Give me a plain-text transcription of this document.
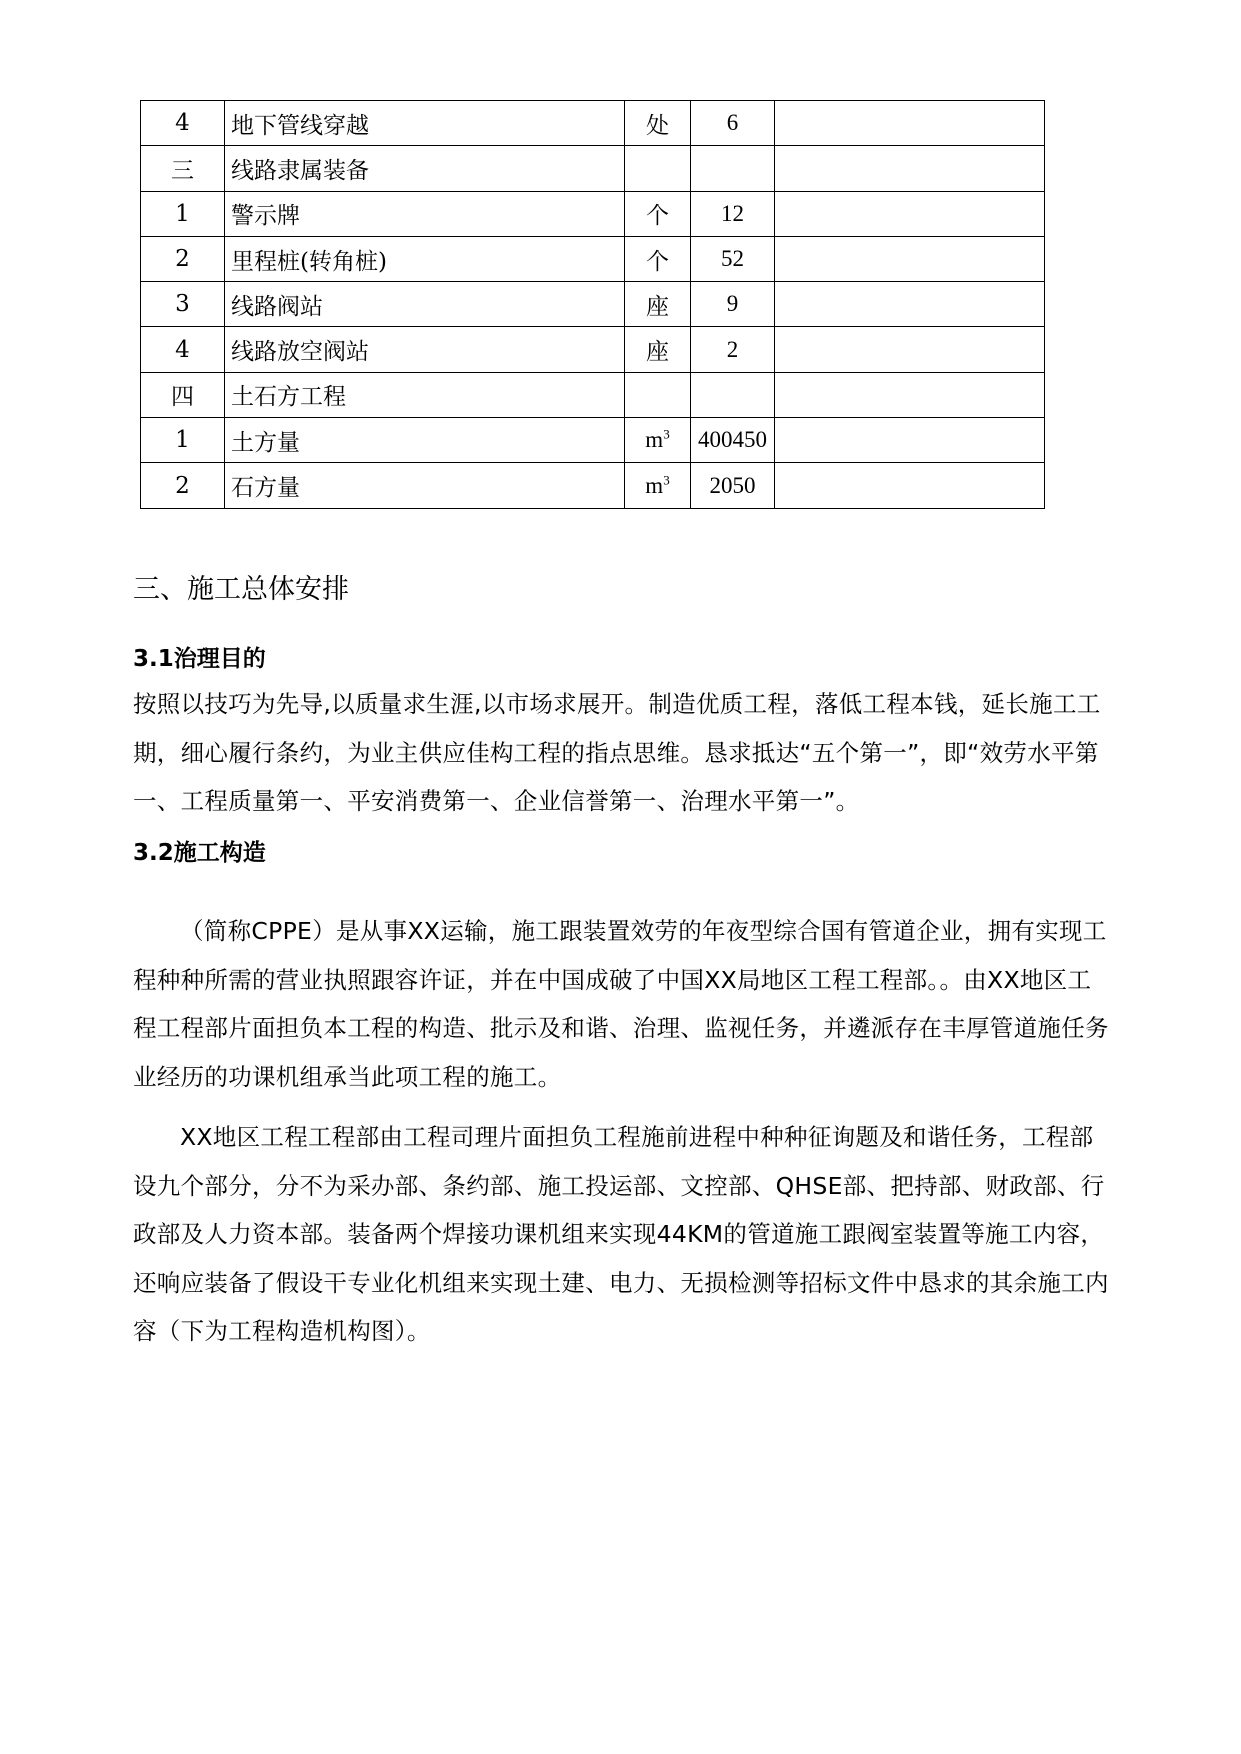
4	地下管线穿越	处	6	
三	线路隶属装备			
1	警示牌	个	12	
2	里程桩(转角桩)	个	52	
3	线路阀站	座	9	
4	线路放空阀站	座	2	
四	土石方工程			
1	土方量	$m^3$	400450	
2	石方量	$m^3$	2050	
三、施工总体安排
3.1治理目的
按照以技巧为先导,以质量求生涯,以市场求展开。制造优质工程，落低工程本钱，延长施工工期，细心履行条约，为业主供应佳构工程的指点思维。恳求抵达“五个第一”，即“效劳水平第一、工程质量第一、平安消费第一、企业信誉第一、治理水平第一”。
3.2施工构造
（简称CPPE）是从事XX运输，施工跟装置效劳的年夜型综合国有管道企业，拥有实现工程种种所需的营业执照跟容许证，并在中国成破了中国XX局地区工程工程部。。由XX地区工程工程部片面担负本工程的构造、批示及和谐、治理、监视任务，并遴派存在丰厚管道施任务业经历的功课机组承当此项工程的施工。
XX地区工程工程部由工程司理片面担负工程施前进程中种种征询题及和谐任务，工程部设九个部分，分不为采办部、条约部、施工投运部、文控部、QHSE部、把持部、财政部、行政部及人力资本部。装备两个焊接功课机组来实现44KM的管道施工跟阀室装置等施工内容，还响应装备了假设干专业化机组来实现土建、电力、无损检测等招标文件中恳求的其余施工内容（下为工程构造机构图）。
